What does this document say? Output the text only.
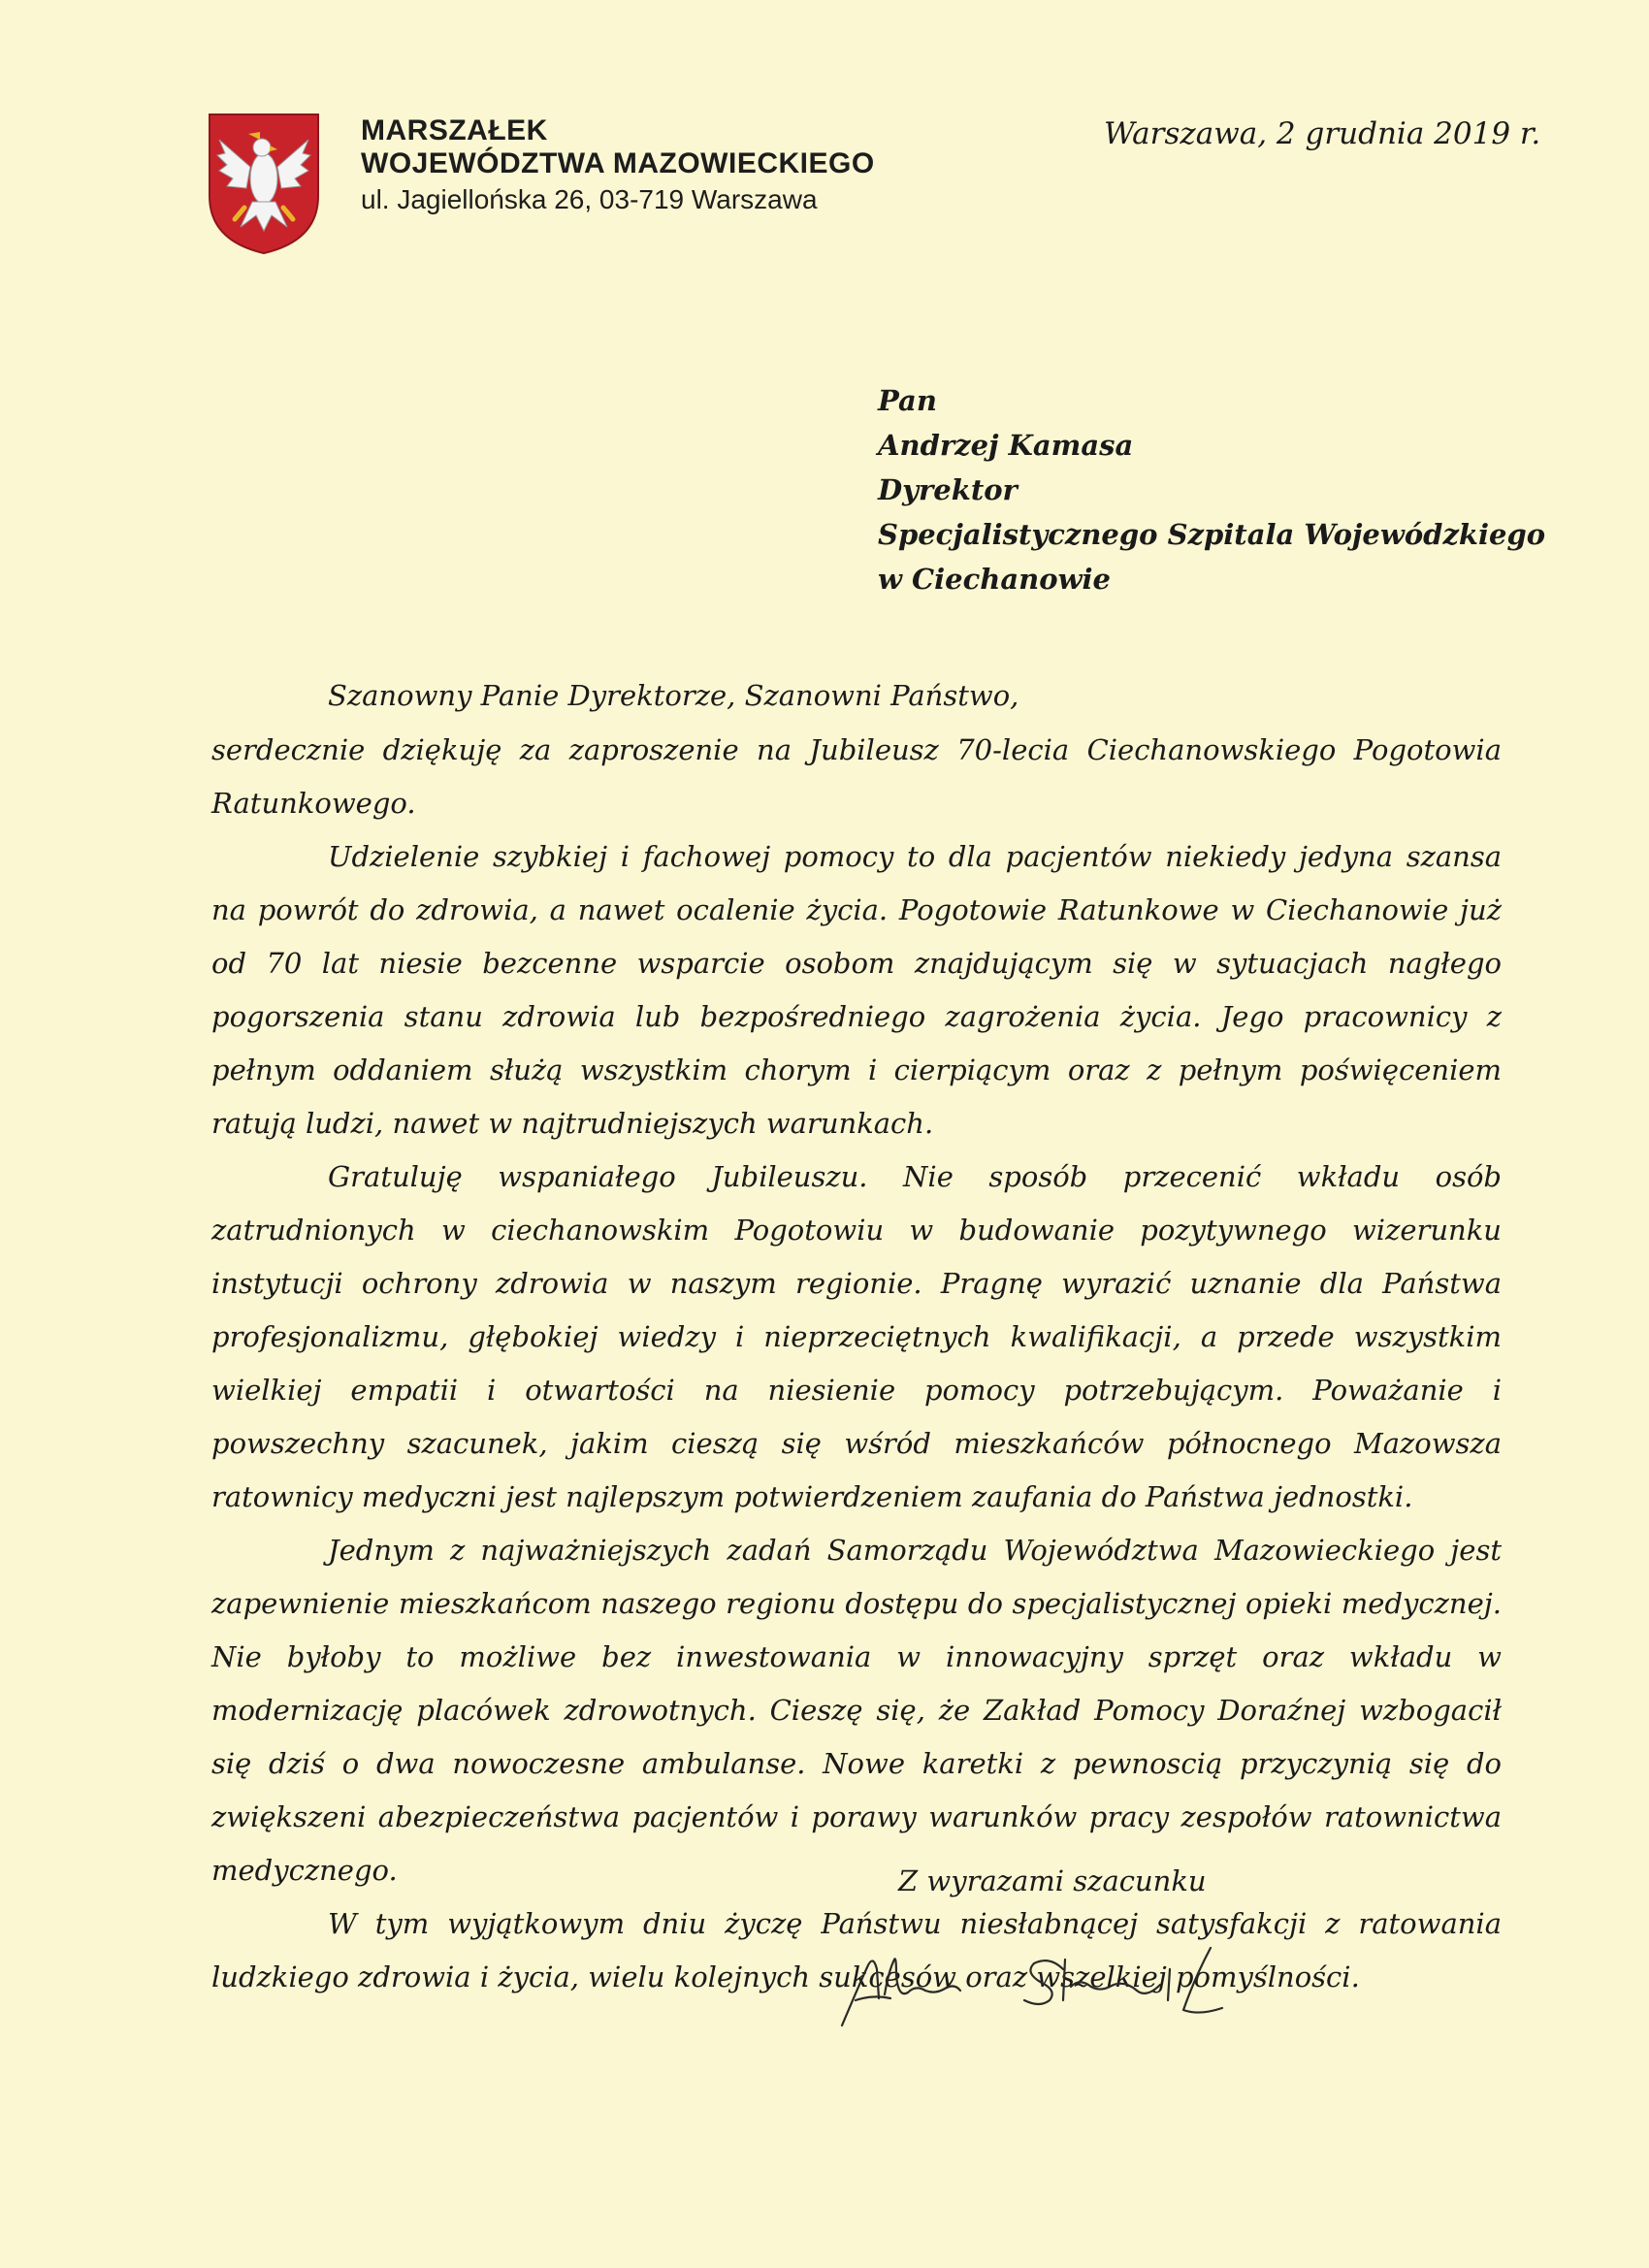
MARSZAŁEK
WOJEWÓDZTWA MAZOWIECKIEGO
ul. Jagiellońska 26, 03-719 Warszawa
Warszawa, 2 grudnia 2019 r.
Pan
Andrzej Kamasa
Dyrektor
Specjalistycznego Szpitala Wojewódzkiego
w Ciechanowie

Szanowny Panie Dyrektorze, Szanowni Państwo,

serdecznie dziękuję za zaproszenie na Jubileusz 70-lecia Ciechanowskiego Pogotowia Ratunkowego.

Udzielenie szybkiej i fachowej pomocy to dla pacjentów niekiedy jedyna szansa na powrót do zdrowia, a nawet ocalenie życia. Pogotowie Ratunkowe w Ciechanowie już od 70 lat niesie bezcenne wsparcie osobom znajdującym się w sytuacjach nagłego pogorszenia stanu zdrowia lub bezpośredniego zagrożenia życia. Jego pracownicy z pełnym oddaniem służą wszystkim chorym i cierpiącym oraz z pełnym poświęceniem ratują ludzi, nawet w najtrudniejszych warunkach.

Gratuluję wspaniałego Jubileuszu. Nie sposób przecenić wkładu osób zatrudnionych w ciechanowskim Pogotowiu w budowanie pozytywnego wizerunku instytucji ochrony zdrowia w naszym regionie. Pragnę wyrazić uznanie dla Państwa profesjonalizmu, głębokiej wiedzy i nieprzeciętnych kwalifikacji, a przede wszystkim wielkiej empatii i otwartości na niesienie pomocy potrzebującym. Poważanie i powszechny szacunek, jakim cieszą się wśród mieszkańców północnego Mazowsza ratownicy medyczni jest najlepszym potwierdzeniem zaufania do Państwa jednostki.

Jednym z najważniejszych zadań Samorządu Województwa Mazowieckiego jest zapewnienie mieszkańcom naszego regionu dostępu do specjalistycznej opieki medycznej. Nie byłoby to możliwe bez inwestowania w innowacyjny sprzęt oraz wkładu w modernizację placówek zdrowotnych. Cieszę się, że Zakład Pomocy Doraźnej wzbogacił się dziś o dwa nowoczesne ambulanse. Nowe karetki z pewnoscią przyczynią się do zwiększeni abezpieczeństwa pacjentów i porawy warunków pracy zespołów ratownictwa medycznego.

W tym wyjątkowym dniu życzę Państwu niesłabnącej satysfakcji z ratowania ludzkiego zdrowia i życia, wielu kolejnych sukcesów oraz wszelkiej pomyślności.

Z wyrazami szacunku
